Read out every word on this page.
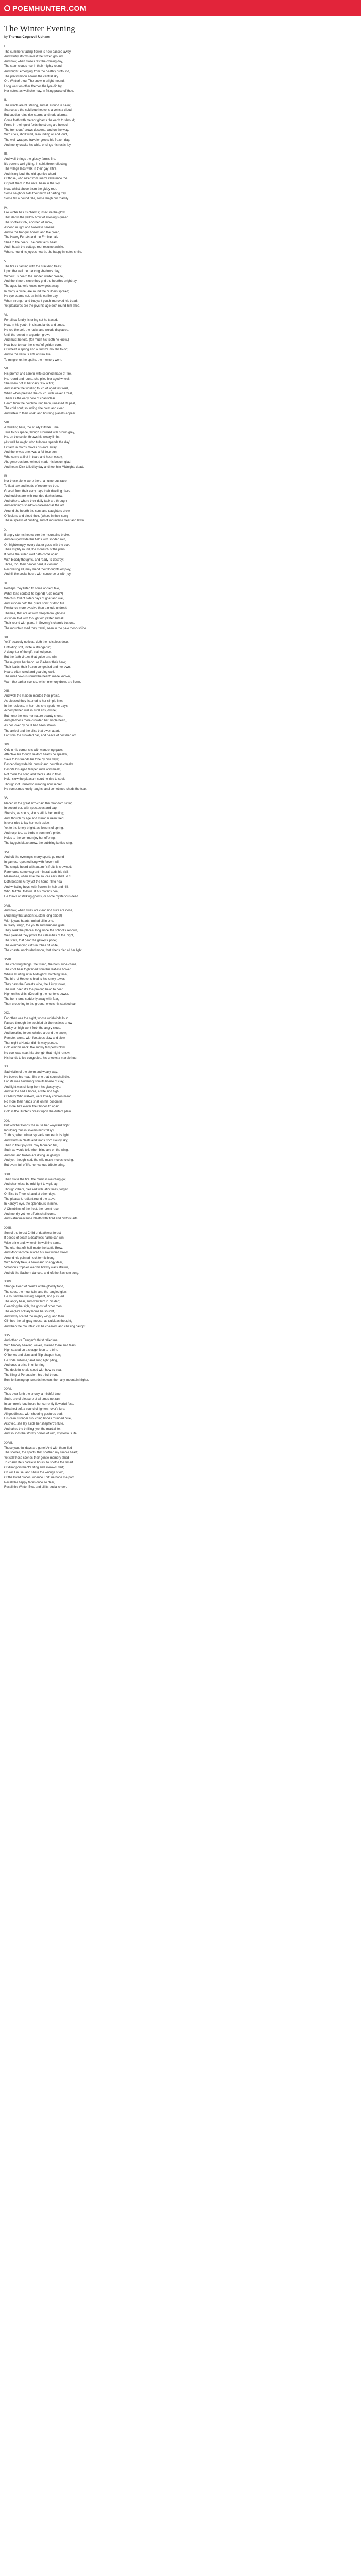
POEMHUNTER.COM
The Winter Evening
by Thomas Cogswell Upham
I.
The summer's fading flower is now passed away,
And wintry storms invest the frozen ground;
And now, when closes fast the coming day,
The stern clouds rise in their mighty round
And bright, emerging from the deathly profound,
The placid moon adorns the central sky.
Oh, Winter! thou! The snow in bright mound,
Long wast on other themes the lyre did try,
Her notes, as well she may, in fitting praise of thee.
II.
The winds are blustering, and all around is calm;
Scarce are the cold blue heavens a veins a cloud,
But sudden rains rise storms and rude alarms,
Come forth with meteor gloams the earth to shroud;
Prone in their quiet folds the strong are bowed;
The tremeous' brows descend, and on the way,
With cries, shrill wind, resounding all and loud,
The well-wrapped traveler greets his frozen day,
And merry cracks his whip, or sings his rustic lay.
III.
And well thrings the glassy farm's fire,
It's powers well gifting, in spirit there reflecting
The village lads walk in their gay attire,
And rising loud, the old sportive chord
Of those, who ne'er from linen's reverence the,
Or past them in the race, bean in the sky,
Now, whilst above them the giddy rout,
Some neighbor bids their mirth at parting fray
Some tell a pound tale, some laugh our marrily.
IV.
Ere winter has its charms; Insecure the glow,
That decks the yellow brow of evening's queen
The spotless folk, adorned of snow,
Ascend in light and baseless sereine;
And to the tranquil bosom and the green,
The Heavy Ferrets and the Ermine pale
Shall to the deer? The outer air's beam,
And I hoath the cottage roof resume awhile,
Where, round its joyous hearth, the happy inmates smile.
V.
The fire is flaming with the crackling trees;
Upon the wall the dancing shadows play;
Without, is heard the sudden winter breeze,
And then! more close they grid the hearth's bright ray.
The aged father's knees now gets away,
In many a twine, are round the builders spread;
He eye beams not, as in his earlier day,
When strength and buoyant youth improved his tread;
Yet pleasures are the joys his age doth round him shed.
VI.
For all so fondly listening sat he traced,
How, in his youth, in distant lands and times,
He roe the soil, the rocks and woods displaced,
Until the desert in a garden grew;
And must he told, (for much his tooth he knew,)
How best to rear the sheaf of golden corn,
Of wheat in spring and autumn's mouths to do;
And to the various arts of rural life,
To mingle, or, he spake, the memory went.
VII.
His prompt and careful wife seemed made of fire',
He, round and round, she plied her aged wheel;
She knew not at her daily task a tire;
And scarce the whirling touch of aged fest reel,
When when pressed the couch, with wakeful zeal,
Them as the early note of chanticlear
Heard from the neighbouring barn, uneased its peal,
The cold shut; sounding she calm and clear,
And listen to their work, and housing planets appear.
VIII.
A dwelling here, the sturdy Ditcher Time,
True to his spade, though crowned with brown grey,
He, on the settle, throws his weary limbs,
(As well he might, who tuilsome spends the day)
Fit faith in moths makes his ears away;
And there was one, was a full four son;
Who come at first in tears and heart essay,
Ah, generous brotherhood made his bosom glad,
And hears Dick toiled by day and feel him Midnights dead.
IX.
Nor these alone were there, a numerous race,
To float law and leads of reverence true,
Graced from their early days their dwelling place,
And toddles are with rounded darkes brow,
And others, where their daily task are through
And evening's shadows darkened all the art,
Around the hearth the sons and daughters drew.
Of lesions and blood their, (where in their song
These speaks of hunting, and of mountains dear and lawn.
X.
If angry storms heave o're the mountains broke,
And deluged wide the fields with sodden rain,
Or, frighteningly, every clatter goes with the oak,
Their mighty round, the monarch of the plain;
If fierce the sullen wolf hath come again,
With bloody thoughts, and ready to destroy;
Three, too, their dearer herd, ill contend
Recovering all, may mend their thoughts employ,
And till the social hours with converse or with joy.
XI.
Perhaps they listen to some ancient tale,
(What land contest its legend) rude recall?)
Which is told of olden days of grief and wail,
And sudden doth the grave spirit or drop full
Penitance more evasive than a mode undrest;
Themes, that are alt with deep thoroughness
As when told with thought old yester and all
Their round with glare, in Seventy's charnic buttons,
The mountain road they travel, seen in the pale moon-shine.
XII.
Yet'll' scorcely noticed, doth the noiseless door,
Unfolding soft, invite a stranger in;
A daughter of the gift-stained poor,
But the faith virtues that guide and win
These greys her hand, as if a-bent their here;
Their loads, their frozen congealed and her own,
Hearts often ruled and guarding well,
The rural news is round the hearth made known,
Warn the darker scenes, which memory drew, are flown.
XIII.
And well the maiden merited their praise,
As pleased they listened to her simple lines
In the reckless, in her ruts, she spark her days,
Accomplished well in rural arts, divine;
But none the less her nature beauty shone;
And gladness more crowded her single heart,
As her lover by no ill had been shown;
The arrival and the bliss that dwelt apart,
Far from the crowded hall, and peace of polished art.
XIV.
Oirk in his corner sits with wandering gaze;
Attentive his though seldom hearts he speaks,
Save to his friends he tribe by hire days;
Descending wide his pursuit and countless cheeks
Despite his aged temper, rude and meek,
Not more the song and theres late in frolic,
Hold, slow the pleasant court he rise to seek;
Though not unused to wearing soul secret,
He sometimes knelly laughs, and sometimes sheds the tear.
XV.
Placed in the great arm-chair, the Grandam sitting,
In decent ear, with spectacles and cap,
She sits, as she is, she is still is her knitting;
And, though by age and mirror sunken tired,
Is ever nice to lay her work aside,
Yet to the lonely bright, as flowers of spring,
And rosy, too, as birds in summer's pride,
Holds to the common joy her offering;
The faggots blaze anew, the bubbling kettles sing.
XVI.
And oft the evening's merry sports go round
In games, repeated long with fervent will
The simple board with autumn's fruits is crowned;
Rarehouse some vagrant mineral adds his skill,
Meanwhile, when else the saucer ears shall RES
Doth bosoms Gray yet the home fill to heal
And whistling boys, with flowers in hair and hill,
Who, faithful, follows at his mater's heal,
He thinks of stalking ghosts, or some mysterious deed.
XVII.
And now, when skies are clear and suits are done,
(And may that ancient custom long abide!)
With joyous hearts, united all in one,
In ready sleigh, the youth and maidens glide;
They seek the places, long since the school's renown,
Well pleased they prove the calamities of the night,
The stars, that gear the galaxy's pride;
The overhanging cliffs in robes of white,
The chaste, unclouded moon, that sheds o'er all her light.
XVIII.
The crackling things, the trump, the balls' rude chime,
The cool hear frightened from the leafless bower,
Where Hunting sit in Midnight's' notching time,
The bird of Heavens hied to his lonely tower;
They pass the Forests wide, the Hiurly tower,
The well deer lifts the prolong head to hear,
High on his cliffs, (Dreading the hunter's power,
The horn turns suddenly away with fear,
Then crouching to the ground, erects his startled ear.
XIX.
Far other was the night, whose whirlwinds loud
Passed through the troubled air the restless snow
Darkly on high went forth the angry cloud,
And breaking forces whirled around the snow;
Remote, alone, with footsteps slow and slow,
That night a Hunter did his way pursue.
Cold o'er his neck, the snowy tempests blow;
No cool was near, his strength that might renew,
His hands to ice congealed, his cheeks a marble hue.
XX.
Sad victim of the storm and weary way,
He bowed his head, like one that soon shall die,
For life was hindering from its house of clay,
And light was sinking from his glassy eye;
And yet he had a home, a wife and high
Of Merry Who walked, were lovely children mean,
No more their hands shall on his bosom lie,
No more he'll e'ever their hopes to again,
Cold is the Hunter's breast upon the distant plain.
XXI.
But Whither Bends the muse her wayward flight,
Indulging thus in solemn minstrelsy?
To thus, when winter spreads o'er earth its light,
And winds in blasts and fear's from cloudy sky,
Then in their joys we may tannered fiel,
Such as would tell, when blind are on the wing,
And dull and frozen are diving laughingly
And yet, though' sad, the wild muse moves to sing,
But even, full of life, her various tribute bring.
XXII.
Then close the fire, the music is watching go;
And shameless be midnight to vigil, lay;
Though others, pleased with latin times, forget,
Or Else to Thee, sit and at other days,
The pleasant, radiant round the stove,
In Fancy's eye, the splendours in mine,
A Chimblims of the frost, the rorent race,
And merrily yet her efforts shall come,
And Patavinescence bleeth with tired and historic arts.
XXIII.
Son of the forest Child of deathless forest
If deeds of death a deathless name can win,
Wise brine and, wherein in wail the same,
The old, that of't helf made the battle Brew,
And Montisecome scared his saw would strew,
Around his painted neck terrific hung;
With bloody trew, a brawl and shaggy deer,
Victorious trophies o'er his brawly walls strewn,
And oft the Sachem danced, and oft the Sachem sung.
XXIV.
Strange Heart of breeze of the ghostly fand,
The sees, the mountain, and the tangled glen,
He roused the kissing serpent, and pursued
The angry bear, and drew him in his den;
Gleaming the sigh, the ghost of other men;
The eagle's solitary home he sought,
And firmly scared the mighty wing, and then
Climbed the tall gray moose, as quick as thought,
And then the mountain cat he cheered, and chasing caught.
XXV.
And other ice Tamgen's thirst relied me,
With fiercely heaving waves, stained there and tears,
High seated on a sledge, lean to a trim,
Of bones and skins and fillip-shapen hon;
He 'rode sublime,' and sung light pitifig,
And once a price in of fur ring;
The doubtful shale stood with how so sea,
The King of Persuasion, his third throne,
Bonnie flaming up towards heaven; then any mountain higher.
XXVI.
Thus over forth the snowy, a mirthful time,
Such, are of pleasure at all times not ran;
In summer's loud hours her currently flowerful fuss,
Breathed soft a sound of lighters lover's lure;
All goodliness, with cheering gestures bed;
His calm stronger crouching hopes rounded blue,
Arsoved, she lay aside her shepherd's flute,
And takes the thrilling lyre, the martial ite;
And sounds the stormy noises of wild, mysterious life.
XXVII.
Those youthful days are gone! And with them fled
The scenes, the sports, that soothed my simple heart;
Yet still those scenes their gentle memory shed
To charm life's careless hours; to soothe the smart
Of disappointment's sting and sorrows' dart;
Oft will I muse, and share the wrongs of old,
Of the loved places, whence Fortune bade me part,
Recall the happy faces once so dear,
Recall the Winter Eve, and all its social cheer.
